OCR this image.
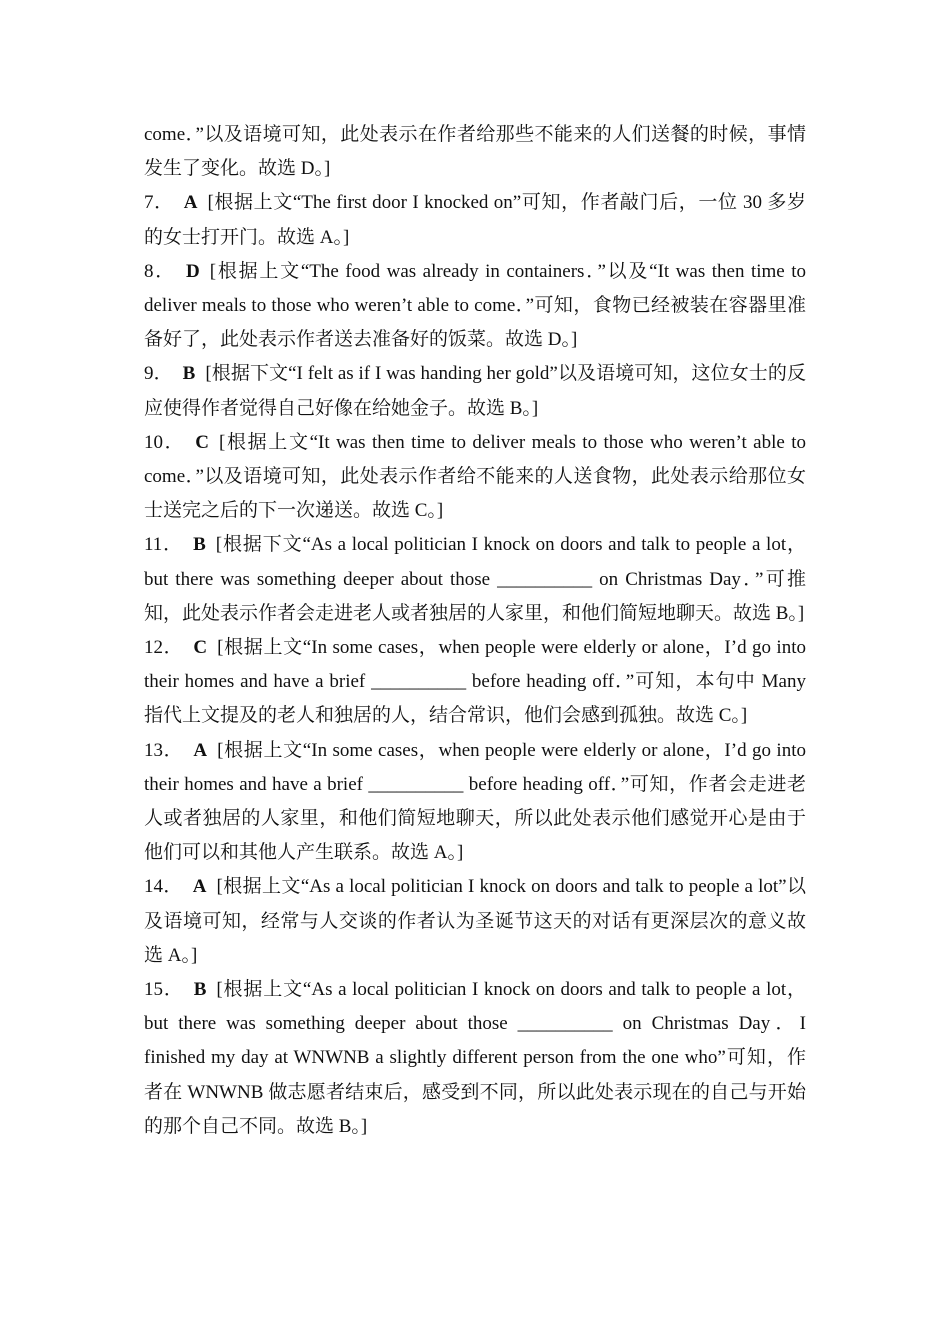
come．”以及语境可知，此处表示在作者给那些不能来的人们送餐的时候，事情发生了变化。故选 D。]

7． A [根据上文“The first door I knocked on”可知，作者敲门后，一位 30 多岁的女士打开门。故选 A。]

8． D [根据上文“The food was already in containers．”以及“It was then time to deliver meals to those who weren’t able to come．”可知，食物已经被装在容器里准备好了，此处表示作者送去准备好的饭菜。故选 D。]

9． B [根据下文“I felt as if I was handing her gold”以及语境可知，这位女士的反应使得作者觉得自己好像在给她金子。故选 B。]

10． C [根据上文“It was then time to deliver meals to those who weren’t able to come．”以及语境可知，此处表示作者给不能来的人送食物，此处表示给那位女士送完之后的下一次递送。故选 C。]

11． B [根据下文“As a local politician I knock on doors and talk to people a lot，but there was something deeper about those __________ on Christmas Day．”可推知，此处表示作者会走进老人或者独居的人家里，和他们简短地聊天。故选 B。]

12． C [根据上文“In some cases，when people were elderly or alone，I’d go into their homes and have a brief __________ before heading off．”可知，本句中 Many 指代上文提及的老人和独居的人，结合常识，他们会感到孤独。故选 C。]

13． A [根据上文“In some cases，when people were elderly or alone，I’d go into their homes and have a brief __________ before heading off．”可知，作者会走进老人或者独居的人家里，和他们简短地聊天，所以此处表示他们感觉开心是由于他们可以和其他人产生联系。故选 A。]

14． A [根据上文“As a local politician I knock on doors and talk to people a lot”以及语境可知，经常与人交谈的作者认为圣诞节这天的对话有更深层次的意义故选 A。]

15． B [根据上文“As a local politician I knock on doors and talk to people a lot，but there was something deeper about those __________ on Christmas Day．I finished my day at WNWNB a slightly different person from the one who”可知，作者在 WNWNB 做志愿者结束后，感受到不同，所以此处表示现在的自己与开始的那个自己不同。故选 B。]
